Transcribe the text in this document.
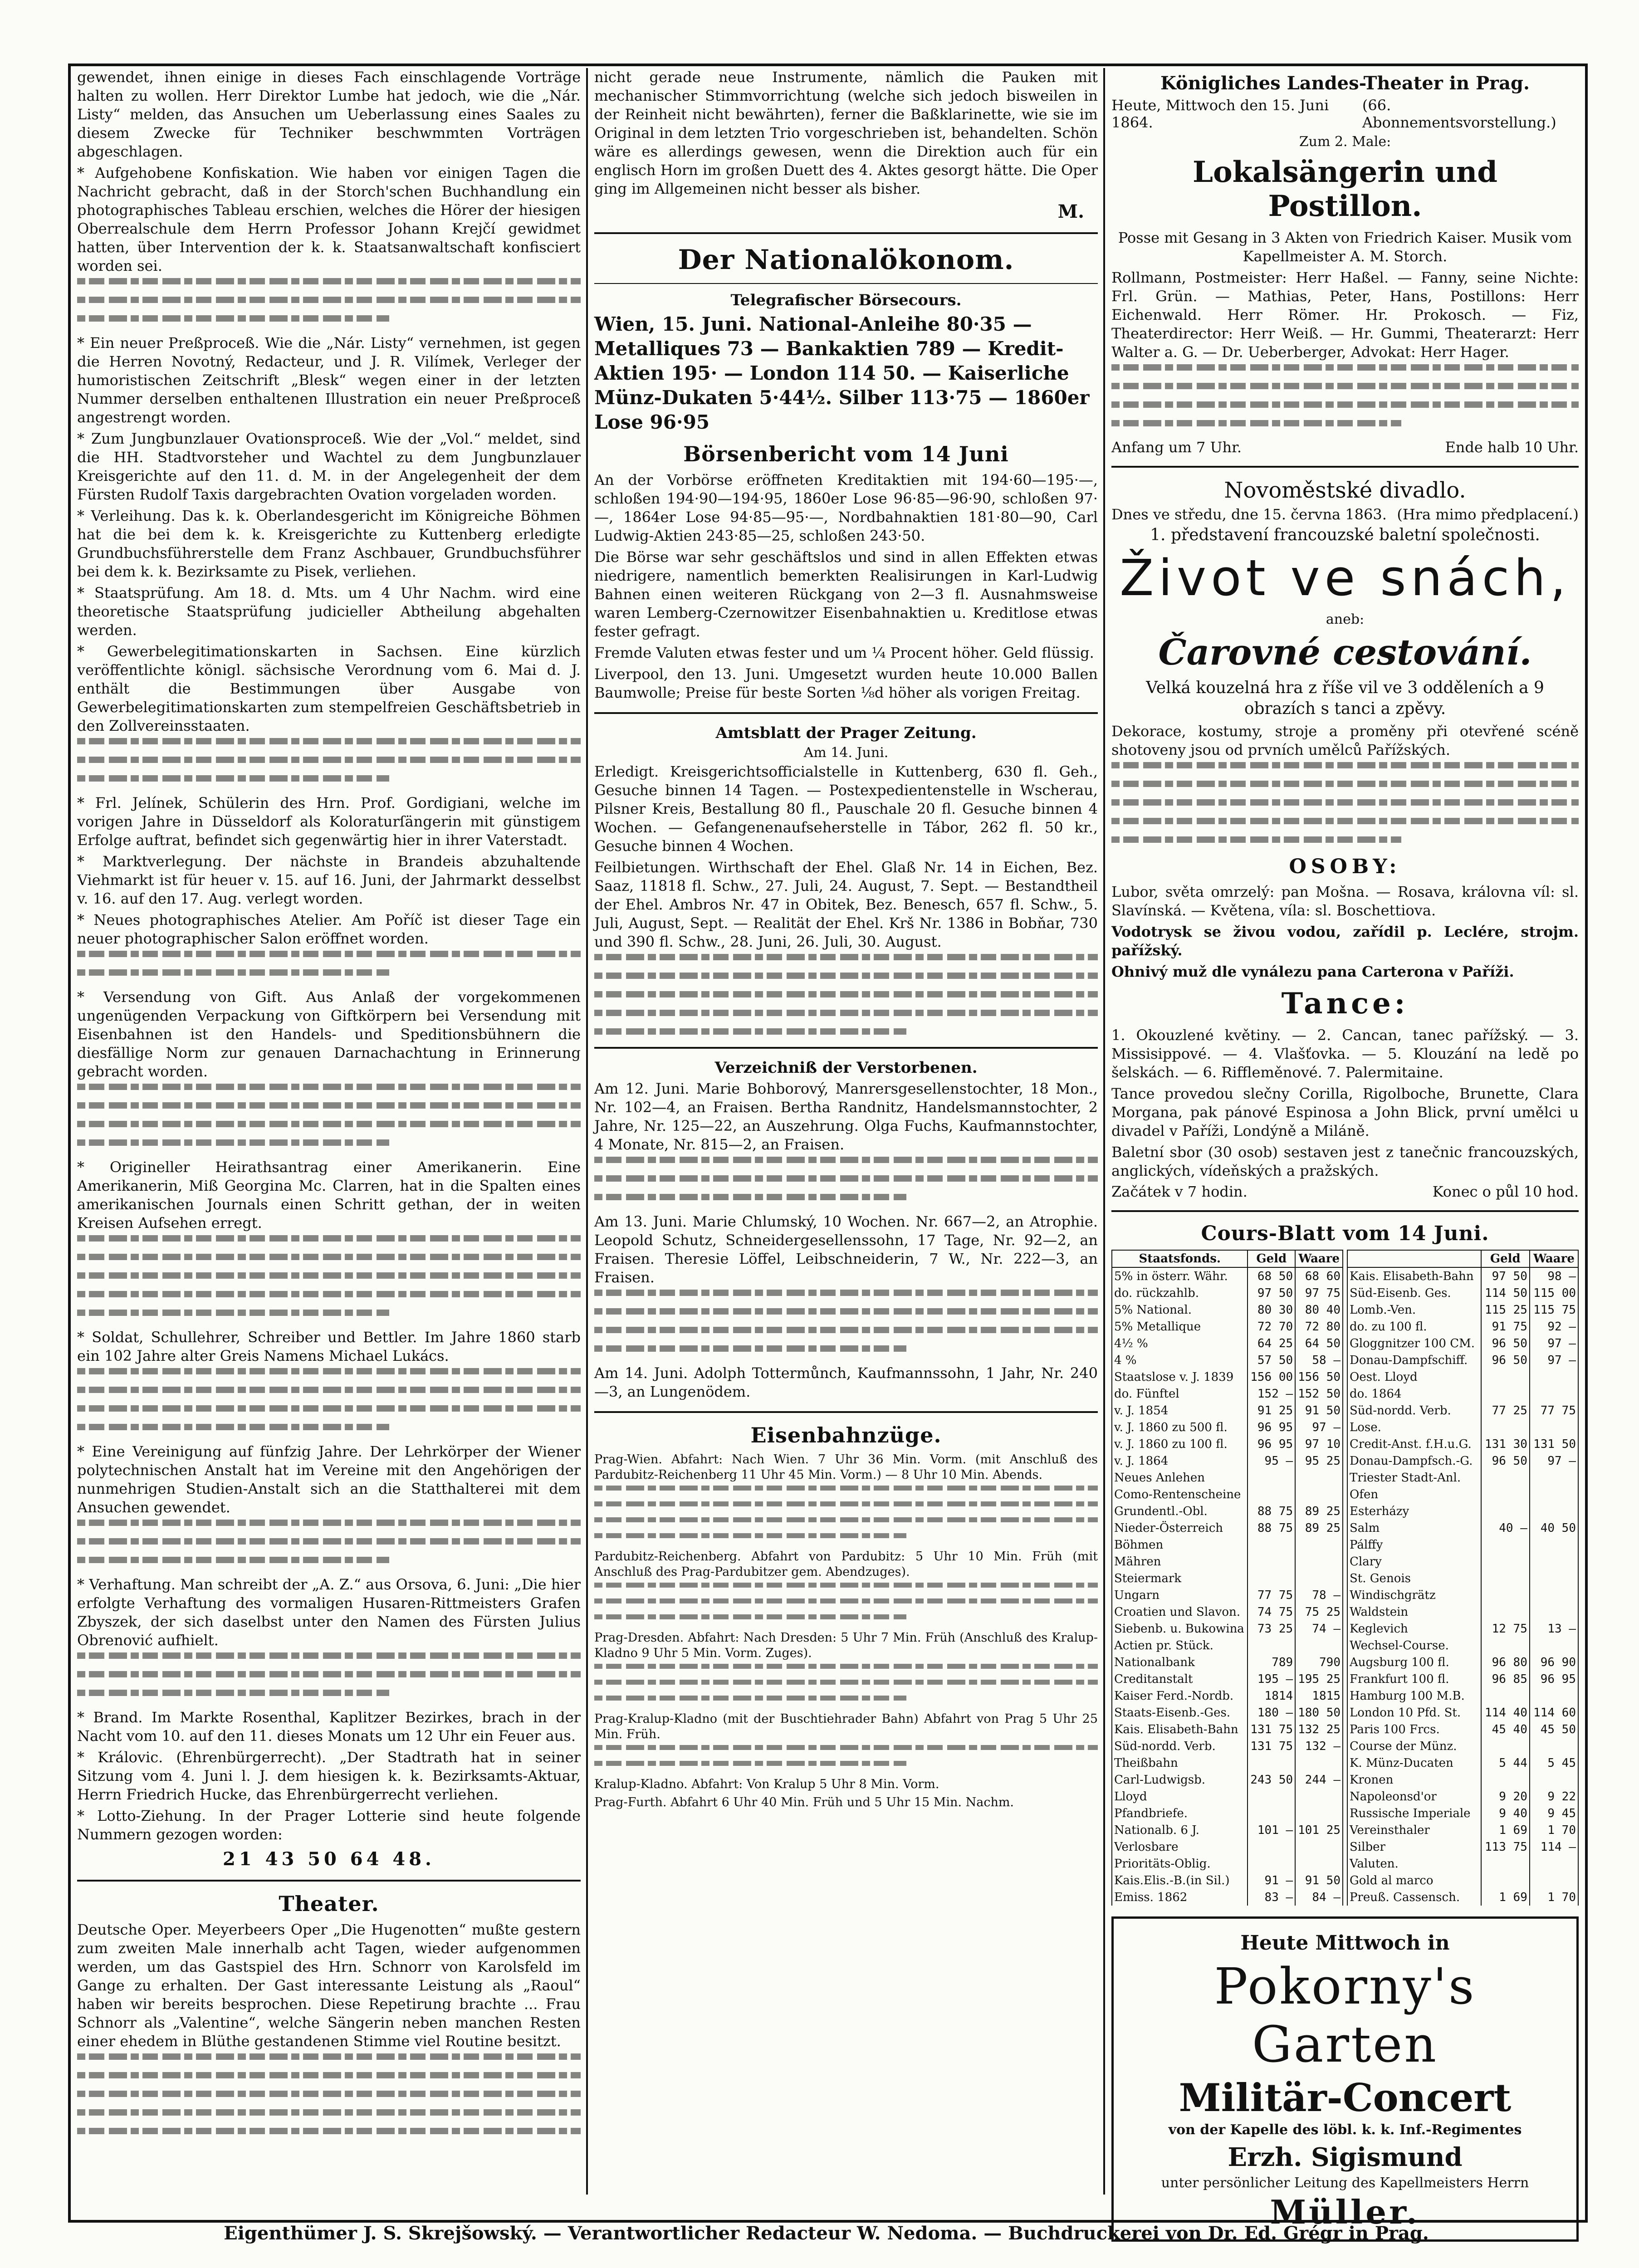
gewendet, ihnen einige in dieses Fach einschlagende Vorträge halten zu wollen. Herr Direktor Lumbe hat jedoch, wie die „Nár. Listy“ melden, das Ansuchen um Ueberlassung eines Saales zu diesem Zwecke für Techniker beschwmmten Vorträgen abgeschlagen.

* Aufgehobene Konfiskation. Wie haben vor einigen Tagen die Nachricht gebracht, daß in der Storch'schen Buchhandlung ein photographisches Tableau erschien, welches die Hörer der hiesigen Oberrealschule dem Herrn Professor Johann Krejčí gewidmet hatten, über Intervention der k. k. Staatsanwaltschaft konfisciert worden sei.

* Ein neuer Preßproceß. Wie die „Nár. Listy“ vernehmen, ist gegen die Herren Novotný, Redacteur, und J. R. Vilímek, Verleger der humoristischen Zeitschrift „Blesk“ wegen einer in der letzten Nummer derselben enthaltenen Illustration ein neuer Preßproceß angestrengt worden.

* Zum Jungbunzlauer Ovationsproceß. Wie der „Vol.“ meldet, sind die HH. Stadtvorsteher und Wachtel zu dem Jungbunzlauer Kreisgerichte auf den 11. d. M. in der Angelegenheit der dem Fürsten Rudolf Taxis dargebrachten Ovation vorgeladen worden.

* Verleihung. Das k. k. Oberlandesgericht im Königreiche Böhmen hat die bei dem k. k. Kreisgerichte zu Kuttenberg erledigte Grundbuchsführerstelle dem Franz Aschbauer, Grundbuchsführer bei dem k. k. Bezirksamte zu Pisek, verliehen.

* Staatsprüfung. Am 18. d. Mts. um 4 Uhr Nachm. wird eine theoretische Staatsprüfung judicieller Abtheilung abgehalten werden.

* Gewerbelegitimationskarten in Sachsen. Eine kürzlich veröffentlichte königl. sächsische Verordnung vom 6. Mai d. J. enthält die Bestimmungen über Ausgabe von Gewerbelegitimationskarten zum stempelfreien Geschäftsbetrieb in den Zollvereinsstaaten.

* Frl. Jelínek, Schülerin des Hrn. Prof. Gordigiani, welche im vorigen Jahre in Düsseldorf als Koloraturſängerin mit günstigem Erfolge auftrat, befindet sich gegenwärtig hier in ihrer Vaterstadt.

* Marktverlegung. Der nächste in Brandeis abzuhaltende Viehmarkt ist für heuer v. 15. auf 16. Juni, der Jahrmarkt desselbst v. 16. auf den 17. Aug. verlegt worden.

* Neues photographisches Atelier. Am Poříč ist dieser Tage ein neuer photographischer Salon eröffnet worden.

* Versendung von Gift. Aus Anlaß der vorgekommenen ungenügenden Verpackung von Giftkörpern bei Versendung mit Eisenbahnen ist den Handels- und Speditionsbühnern die diesfällige Norm zur genauen Darnachachtung in Erinnerung gebracht worden.

* Origineller Heirathsantrag einer Amerikanerin. Eine Amerikanerin, Miß Georgina Mc. Clarren, hat in die Spalten eines amerikanischen Journals einen Schritt gethan, der in weiten Kreisen Aufsehen erregt.

* Soldat, Schullehrer, Schreiber und Bettler. Im Jahre 1860 starb ein 102 Jahre alter Greis Namens Michael Lukács.

* Eine Vereinigung auf fünfzig Jahre. Der Lehrkörper der Wiener polytechnischen Anstalt hat im Vereine mit den Angehörigen der nunmehrigen Studien-Anstalt sich an die Statthalterei mit dem Ansuchen gewendet.

* Verhaftung. Man schreibt der „A. Z.“ aus Orsova, 6. Juni: „Die hier erfolgte Verhaftung des vormaligen Husaren-Rittmeisters Grafen Zbyszek, der sich daselbst unter den Namen des Fürsten Julius Obrenović aufhielt.

* Brand. Im Markte Rosenthal, Kaplitzer Bezirkes, brach in der Nacht vom 10. auf den 11. dieses Monats um 12 Uhr ein Feuer aus.

* Královic. (Ehrenbürgerrecht). „Der Stadtrath hat in seiner Sitzung vom 4. Juni l. J. dem hiesigen k. k. Bezirksamts-Aktuar, Herrn Friedrich Hucke, das Ehrenbürgerrecht verliehen.

* Lotto-Ziehung. In der Prager Lotterie sind heute folgende Nummern gezogen worden:

21 43 50 64 48.
Theater.

Deutsche Oper. Meyerbeers Oper „Die Hugenotten“ mußte gestern zum zweiten Male innerhalb acht Tagen, wieder aufgenommen werden, um das Gastspiel des Hrn. Schnorr von Karolsfeld im Gange zu erhalten. Der Gast interessante Leistung als „Raoul“ haben wir bereits besprochen. Diese Repetirung brachte ... Frau Schnorr als „Valentine“, welche Sängerin neben manchen Resten einer ehedem in Blüthe gestandenen Stimme viel Routine besitzt.

nicht gerade neue Instrumente, nämlich die Pauken mit mechanischer Stimmvorrichtung (welche sich jedoch bisweilen in der Reinheit nicht bewährten), ferner die Baßklarinette, wie sie im Original in dem letzten Trio vorgeschrieben ist, behandelten. Schön wäre es allerdings gewesen, wenn die Direktion auch für ein englisch Horn im großen Duett des 4. Aktes gesorgt hätte. Die Oper ging im Allgemeinen nicht besser als bisher.

M.
Der Nationalökonom.
Telegrafischer Börsecours.
Wien, 15. Juni. National-Anleihe 80·35 — Metalliques 73 — Bankaktien 789 — Kredit-Aktien 195· — London 114 50. — Kaiserliche Münz-Dukaten 5·44½. Silber 113·75 — 1860er Lose 96·95
Börsenbericht vom 14 Juni

An der Vorbörse eröffneten Kreditaktien mit 194·60—195·—, schloßen 194·90—194·95, 1860er Lose 96·85—96·90, schloßen 97·—, 1864er Lose 94·85—95·—, Nordbahnaktien 181·80—90, Carl Ludwig-Aktien 243·85—25, schloßen 243·50.

Die Börse war sehr geschäftslos und sind in allen Effekten etwas niedrigere, namentlich bemerkten Realisirungen in Karl-Ludwig Bahnen einen weiteren Rückgang von 2—3 fl. Ausnahmsweise waren Lemberg-Czernowitzer Eisenbahnaktien u. Kreditlose etwas fester gefragt.

Fremde Valuten etwas fester und um ¼ Procent höher. Geld flüssig.

Liverpool, den 13. Juni. Umgesetzt wurden heute 10.000 Ballen Baumwolle; Preise für beste Sorten ⅛d höher als vorigen Freitag.

Amtsblatt der Prager Zeitung.
Am 14. Juni.

Erledigt. Kreisgerichtsofficialstelle in Kuttenberg, 630 fl. Geh., Gesuche binnen 14 Tagen. — Postexpedientenstelle in Wscherau, Pilsner Kreis, Bestallung 80 fl., Pauschale 20 fl. Gesuche binnen 4 Wochen. — Gefangenenaufseherstelle in Tábor, 262 fl. 50 kr., Gesuche binnen 4 Wochen.

Feilbietungen. Wirthschaft der Ehel. Glaß Nr. 14 in Eichen, Bez. Saaz, 11818 fl. Schw., 27. Juli, 24. August, 7. Sept. — Bestandtheil der Ehel. Ambros Nr. 47 in Obitek, Bez. Benesch, 657 fl. Schw., 5. Juli, August, Sept. — Realität der Ehel. Krš Nr. 1386 in Bobňar, 730 und 390 fl. Schw., 28. Juni, 26. Juli, 30. August.

Verzeichniß der Verstorbenen.

Am 12. Juni. Marie Bohborový, Manrersgesellenstochter, 18 Mon., Nr. 102—4, an Fraisen. Bertha Randnitz, Handelsmannstochter, 2 Jahre, Nr. 125—22, an Auszehrung. Olga Fuchs, Kaufmannstochter, 4 Monate, Nr. 815—2, an Fraisen.

Am 13. Juni. Marie Chlumský, 10 Wochen. Nr. 667—2, an Atrophie. Leopold Schutz, Schneidergesellenssohn, 17 Tage, Nr. 92—2, an Fraisen. Theresie Löffel, Leibschneiderin, 7 W., Nr. 222—3, an Fraisen.

Am 14. Juni. Adolph Tottermůnch, Kaufmannssohn, 1 Jahr, Nr. 240—3, an Lungenödem.

Eisenbahnzüge.

Prag-Wien. Abfahrt: Nach Wien. 7 Uhr 36 Min. Vorm. (mit Anschluß des Pardubitz-Reichenberg 11 Uhr 45 Min. Vorm.) — 8 Uhr 10 Min. Abends.

Pardubitz-Reichenberg. Abfahrt von Pardubitz: 5 Uhr 10 Min. Früh (mit Anschluß des Prag-Pardubitzer gem. Abendzuges).

Prag-Dresden. Abfahrt: Nach Dresden: 5 Uhr 7 Min. Früh (Anschluß des Kralup-Kladno 9 Uhr 5 Min. Vorm. Zuges).

Prag-Kralup-Kladno (mit der Buschtiehrader Bahn) Abfahrt von Prag 5 Uhr 25 Min. Früh.

Kralup-Kladno. Abfahrt: Von Kralup 5 Uhr 8 Min. Vorm.

Prag-Furth. Abfahrt 6 Uhr 40 Min. Früh und 5 Uhr 15 Min. Nachm.

Königliches Landes-Theater in Prag.
Heute, Mittwoch den 15. Juni 1864.
(66. Abonnementsvorstellung.)
Zum 2. Male:
Lokalsängerin und Postillon.

Posse mit Gesang in 3 Akten von Friedrich Kaiser. Musik vom Kapellmeister A. M. Storch.

Rollmann, Postmeister: Herr Haßel. — Fanny, seine Nichte: Frl. Grün. — Mathias, Peter, Hans, Postillons: Herr Eichenwald. Herr Römer. Hr. Prokosch. — Fiz, Theaterdirector: Herr Weiß. — Hr. Gummi, Theaterarzt: Herr Walter a. G. — Dr. Ueberberger, Advokat: Herr Hager.

Anfang um 7 Uhr.	Ende halb 10 Uhr.
Novoměstské divadlo.
Dnes ve středu, dne 15. června 1863. (Hra mimo předplacení.)
1. představení francouzské baletní společnosti.
Život ve snách,
aneb:
Čarovné cestování.

Velká kouzelná hra z říše vil ve 3 odděleních a 9 obrazích s tanci a zpěvy.

Dekorace, kostumy, stroje a proměny při otevřené scéně shotoveny jsou od prvních umělců Pařížských.

OSOBY:

Lubor, světa omrzelý: pan Mošna. — Rosava, královna víl: sl. Slavínská. — Květena, víla: sl. Boschettiova.

Vodotrysk se živou vodou, zařídil p. Leclére, strojm. pařížský.

Ohnivý muž dle vynálezu pana Carterona v Paříži.

Tance:

1. Okouzlené květiny. — 2. Cancan, tanec pařížský. — 3. Missisippové. — 4. Vlašťovka. — 5. Klouzání na ledě po šelskách. — 6. Riffleměnové. 7. Palermitaine.

Tance provedou slečny Corilla, Rigolboche, Brunette, Clara Morgana, pak pánové Espinosa a John Blick, první umělci u divadel v Paříži, Londýně a Miláně.

Baletní sbor (30 osob) sestaven jest z tanečnic francouzských, anglických, vídeňských a pražských.

Začátek v 7 hodin.	Konec o půl 10 hod.
Cours-Blatt vom 14 Juni.
Staatsfonds.	Geld	Waare
5% in österr. Währ.	68 50	68 60
do. rückzahlb.	97 50	97 75
5% National.	80 30	80 40
5% Metallique	72 70	72 80
4½ %	64 25	64 50
4 %	57 50	58 —
Staatslose v. J. 1839	156 00	156 50
do. Fünftel	152 —	152 50
v. J. 1854	91 25	91 50
v. J. 1860 zu 500 fl.	96 95	97 —
v. J. 1860 zu 100 fl.	96 95	97 10
v. J. 1864	95 —	95 25
Neues Anlehen		
Como-Rentenscheine		
Grundentl.-Obl.	88 75	89 25
Nieder-Österreich	88 75	89 25
Böhmen		
Mähren		
Steiermark		
Ungarn	77 75	78 —
Croatien und Slavon.	74 75	75 25
Siebenb. u. Bukowina	73 25	74 —
Actien pr. Stück.		
Nationalbank	789	790
Creditanstalt	195 —	195 25
Kaiser Ferd.-Nordb.	1814	1815
Staats-Eisenb.-Ges.	180 —	180 50
Kais. Elisabeth-Bahn	131 75	132 25
Süd-nordd. Verb.	131 75	132 —
Theißbahn		
Carl-Ludwigsb.	243 50	244 —
Lloyd		
Pfandbriefe.		
Nationalb. 6 J.	101 —	101 25
Verlosbare		
Prioritäts-Oblig.		
Kais.Elis.-B.(in Sil.)	91 —	91 50
Emiss. 1862	83 —	84 —
	Geld	Waare
Kais. Elisabeth-Bahn	97 50	98 —
Süd-Eisenb. Ges.	114 50	115 00
Lomb.-Ven.	115 25	115 75
do. zu 100 fl.	91 75	92 —
Gloggnitzer 100 CM.	96 50	97 —
Donau-Dampfschiff.	96 50	97 —
Oest. Lloyd		
do. 1864		
Süd-nordd. Verb.	77 25	77 75
Lose.		
Credit-Anst. f.H.u.G.	131 30	131 50
Donau-Dampfsch.-G.	96 50	97 —
Triester Stadt-Anl.		
Ofen		
Esterházy		
Salm	40 —	40 50
Pálffy		
Clary		
St. Genois		
Windischgrätz		
Waldstein		
Keglevich	12 75	13 —
Wechsel-Course.		
Augsburg 100 fl.	96 80	96 90
Frankfurt 100 fl.	96 85	96 95
Hamburg 100 M.B.		
London 10 Pfd. St.	114 40	114 60
Paris 100 Frcs.	45 40	45 50
Course der Münz.		
K. Münz-Ducaten	5 44	5 45
Kronen		
Napoleonsd'or	9 20	9 22
Russische Imperiale	9 40	9 45
Vereinsthaler	1 69	1 70
Silber	113 75	114 —
Valuten.		
Gold al marco		
Preuß. Cassensch.	1 69	1 70
Heute Mittwoch in
Pokorny's Garten
Militär-Concert
von der Kapelle des löbl. k. k. Inf.-Regimentes
Erzh. Sigismund
unter persönlicher Leitung des Kapellmeisters Herrn
Müller.
Eigenthümer J. S. Skrejšowský. — Verantwortlicher Redacteur W. Nedoma. — Buchdruckerei von Dr. Ed. Grégr in Prag.
